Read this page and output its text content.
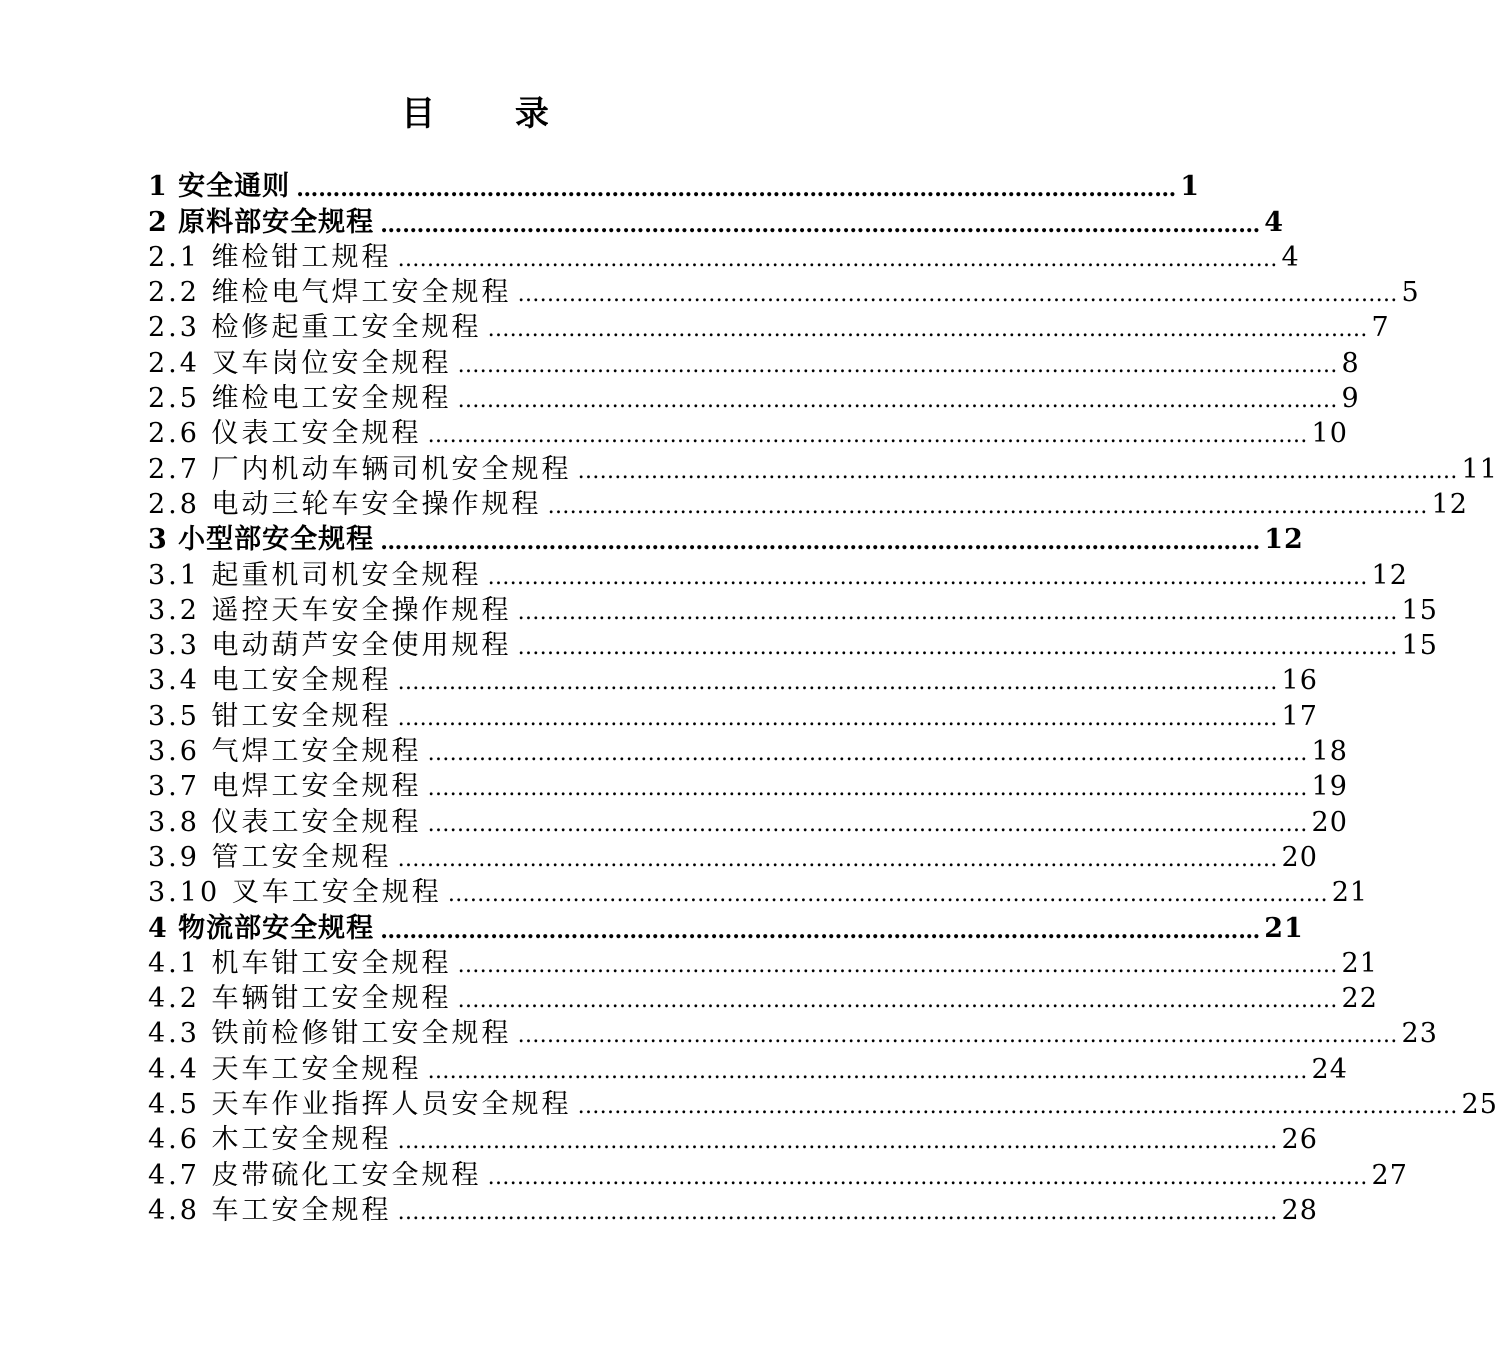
目 录
1 安全通则 ………………………………………………………………………………………………………… 1
2 原料部安全规程 ………………………………………………………………………………………………………… 4
2.1 维检钳工规程 ………………………………………………………………………………………………………… 4
2.2 维检电气焊工安全规程 ………………………………………………………………………………………………………… 5
2.3 检修起重工安全规程 ………………………………………………………………………………………………………… 7
2.4 叉车岗位安全规程 ………………………………………………………………………………………………………… 8
2.5 维检电工安全规程 ………………………………………………………………………………………………………… 9
2.6 仪表工安全规程 ………………………………………………………………………………………………………… 10
2.7 厂内机动车辆司机安全规程 ………………………………………………………………………………………………………… 11
2.8 电动三轮车安全操作规程 ………………………………………………………………………………………………………… 12
3 小型部安全规程 ………………………………………………………………………………………………………… 12
3.1 起重机司机安全规程 ………………………………………………………………………………………………………… 12
3.2 遥控天车安全操作规程 ………………………………………………………………………………………………………… 15
3.3 电动葫芦安全使用规程 ………………………………………………………………………………………………………… 15
3.4 电工安全规程 ………………………………………………………………………………………………………… 16
3.5 钳工安全规程 ………………………………………………………………………………………………………… 17
3.6 气焊工安全规程 ………………………………………………………………………………………………………… 18
3.7 电焊工安全规程 ………………………………………………………………………………………………………… 19
3.8 仪表工安全规程 ………………………………………………………………………………………………………… 20
3.9 管工安全规程 ………………………………………………………………………………………………………… 20
3.10 叉车工安全规程 ………………………………………………………………………………………………………… 21
4 物流部安全规程 ………………………………………………………………………………………………………… 21
4.1 机车钳工安全规程 ………………………………………………………………………………………………………… 21
4.2 车辆钳工安全规程 ………………………………………………………………………………………………………… 22
4.3 铁前检修钳工安全规程 ………………………………………………………………………………………………………… 23
4.4 天车工安全规程 ………………………………………………………………………………………………………… 24
4.5 天车作业指挥人员安全规程 ………………………………………………………………………………………………………… 25
4.6 木工安全规程 ………………………………………………………………………………………………………… 26
4.7 皮带硫化工安全规程 ………………………………………………………………………………………………………… 27
4.8 车工安全规程 ………………………………………………………………………………………………………… 28
